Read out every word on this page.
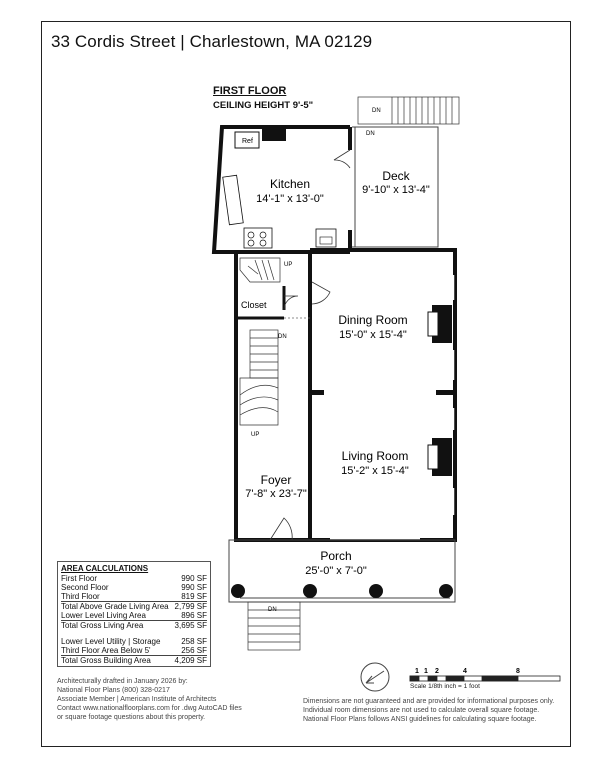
33 Cordis Street | Charlestown, MA 02129
FIRST FLOOR
CEILING HEIGHT 9'-5"	DN
DN
Deck
9'-10" x 13'-4"
Ref
Kitchen
14'-1" x 13'-0"
Dining Room
15'-0" x 15'-4"
Living Room
15'-2" x 15'-4"
UP
Closet
DN
UP
Foyer
7'-8" x 23'-7"
Porch
25'-0" x 7'-0"
DN
1 1 2	4	8
Scale 1/8th inch = 1 foot
AREA CALCULATIONS
First Floor	990 SF
Second Floor	990 SF
Third Floor	819 SF
Total Above Grade Living Area 2,799 SF
Lower Level Living Area	896 SF
Total Gross Living Area	3,695 SF
Lower Level Utility | Storage	258 SF
Third Floor Area Below 5'	256 SF
Total Gross Building Area	4,209 SF
Architecturally drafted in January 2026 by:
National Floor Plans (800) 328-0217
Associate Member | American Institute of Architects
Contact www.nationalfloorplans.com for .dwg AutoCAD files
or square footage questions about this property.
Dimensions are not guaranteed and are provided for informational purposes only.
Individual room dimensions are not used to calculate overall square footage.
National Floor Plans follows ANSI guidelines for calculating square footage.
